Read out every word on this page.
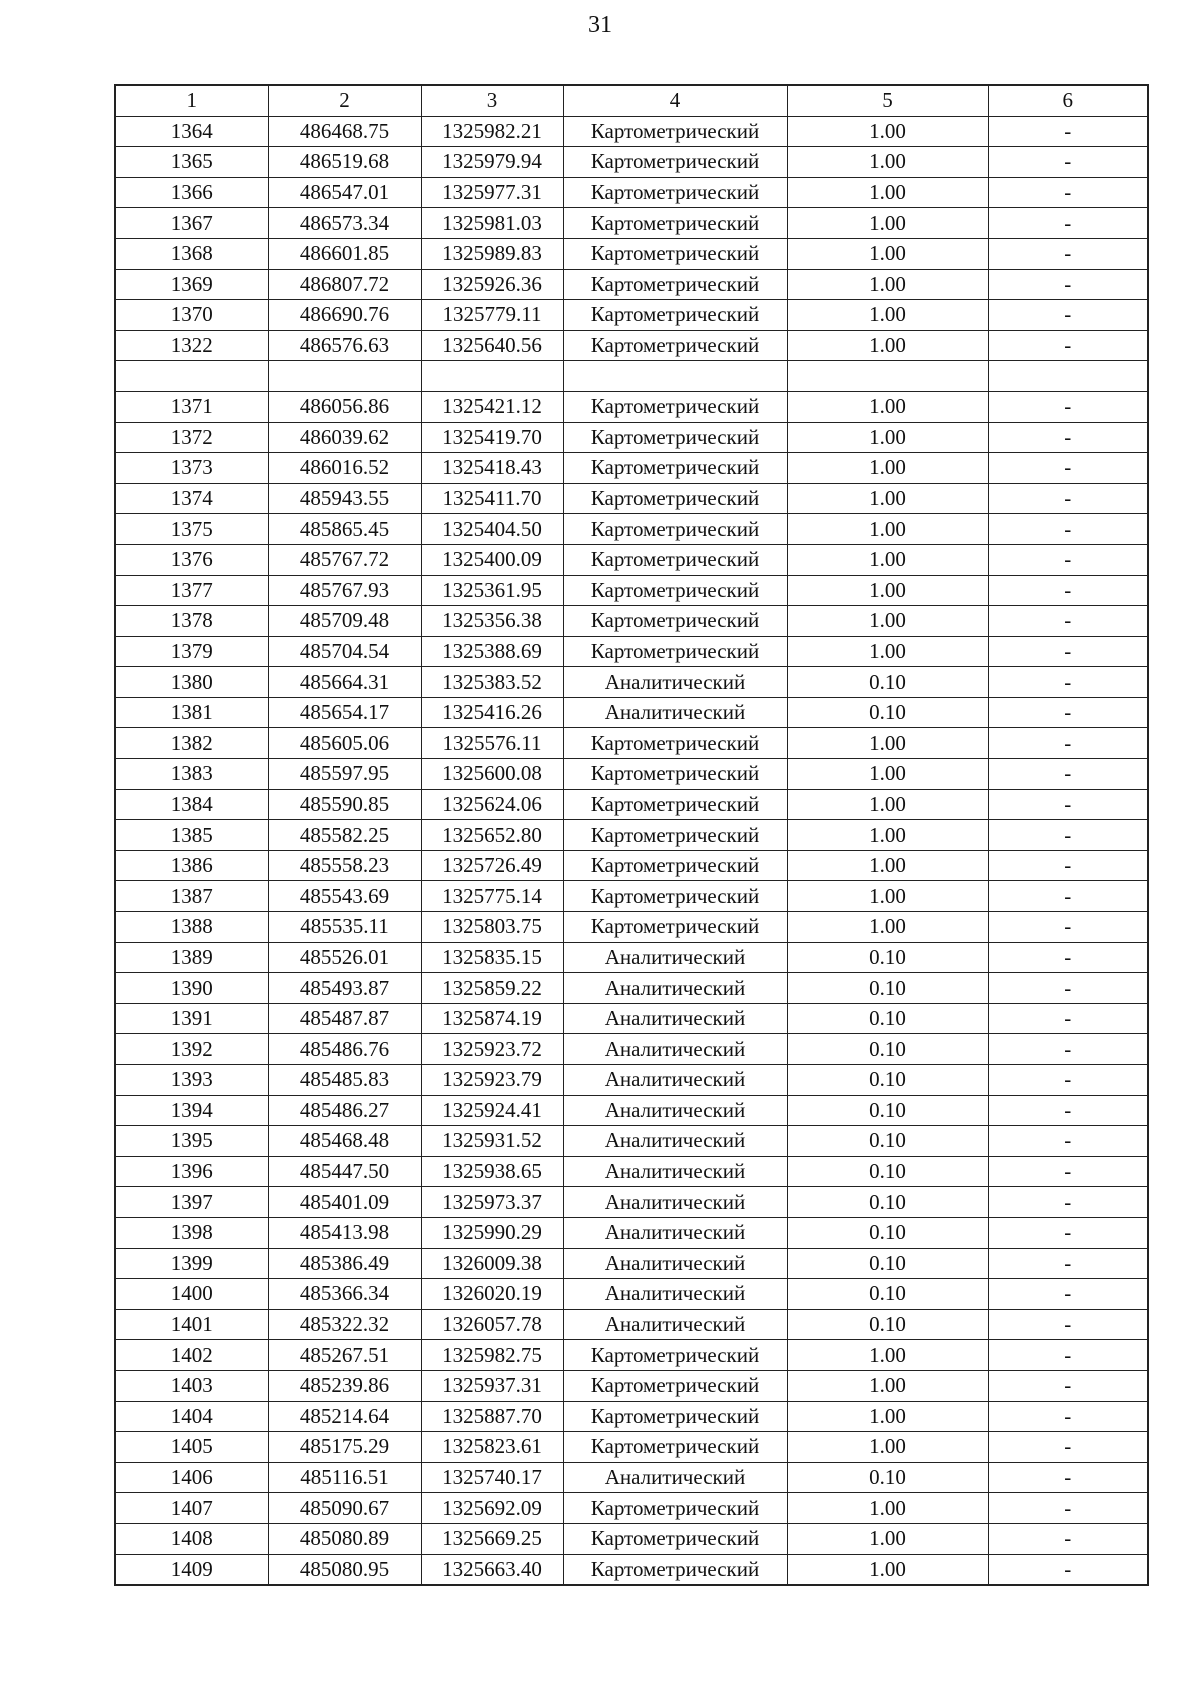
31
1	2	3	4	5	6
1364	486468.75	1325982.21	Картометрический	1.00	-
1365	486519.68	1325979.94	Картометрический	1.00	-
1366	486547.01	1325977.31	Картометрический	1.00	-
1367	486573.34	1325981.03	Картометрический	1.00	-
1368	486601.85	1325989.83	Картометрический	1.00	-
1369	486807.72	1325926.36	Картометрический	1.00	-
1370	486690.76	1325779.11	Картометрический	1.00	-
1322	486576.63	1325640.56	Картометрический	1.00	-

1371	486056.86	1325421.12	Картометрический	1.00	-
1372	486039.62	1325419.70	Картометрический	1.00	-
1373	486016.52	1325418.43	Картометрический	1.00	-
1374	485943.55	1325411.70	Картометрический	1.00	-
1375	485865.45	1325404.50	Картометрический	1.00	-
1376	485767.72	1325400.09	Картометрический	1.00	-
1377	485767.93	1325361.95	Картометрический	1.00	-
1378	485709.48	1325356.38	Картометрический	1.00	-
1379	485704.54	1325388.69	Картометрический	1.00	-
1380	485664.31	1325383.52	Аналитический	0.10	-
1381	485654.17	1325416.26	Аналитический	0.10	-
1382	485605.06	1325576.11	Картометрический	1.00	-
1383	485597.95	1325600.08	Картометрический	1.00	-
1384	485590.85	1325624.06	Картометрический	1.00	-
1385	485582.25	1325652.80	Картометрический	1.00	-
1386	485558.23	1325726.49	Картометрический	1.00	-
1387	485543.69	1325775.14	Картометрический	1.00	-
1388	485535.11	1325803.75	Картометрический	1.00	-
1389	485526.01	1325835.15	Аналитический	0.10	-
1390	485493.87	1325859.22	Аналитический	0.10	-
1391	485487.87	1325874.19	Аналитический	0.10	-
1392	485486.76	1325923.72	Аналитический	0.10	-
1393	485485.83	1325923.79	Аналитический	0.10	-
1394	485486.27	1325924.41	Аналитический	0.10	-
1395	485468.48	1325931.52	Аналитический	0.10	-
1396	485447.50	1325938.65	Аналитический	0.10	-
1397	485401.09	1325973.37	Аналитический	0.10	-
1398	485413.98	1325990.29	Аналитический	0.10	-
1399	485386.49	1326009.38	Аналитический	0.10	-
1400	485366.34	1326020.19	Аналитический	0.10	-
1401	485322.32	1326057.78	Аналитический	0.10	-
1402	485267.51	1325982.75	Картометрический	1.00	-
1403	485239.86	1325937.31	Картометрический	1.00	-
1404	485214.64	1325887.70	Картометрический	1.00	-
1405	485175.29	1325823.61	Картометрический	1.00	-
1406	485116.51	1325740.17	Аналитический	0.10	-
1407	485090.67	1325692.09	Картометрический	1.00	-
1408	485080.89	1325669.25	Картометрический	1.00	-
1409	485080.95	1325663.40	Картометрический	1.00	-
